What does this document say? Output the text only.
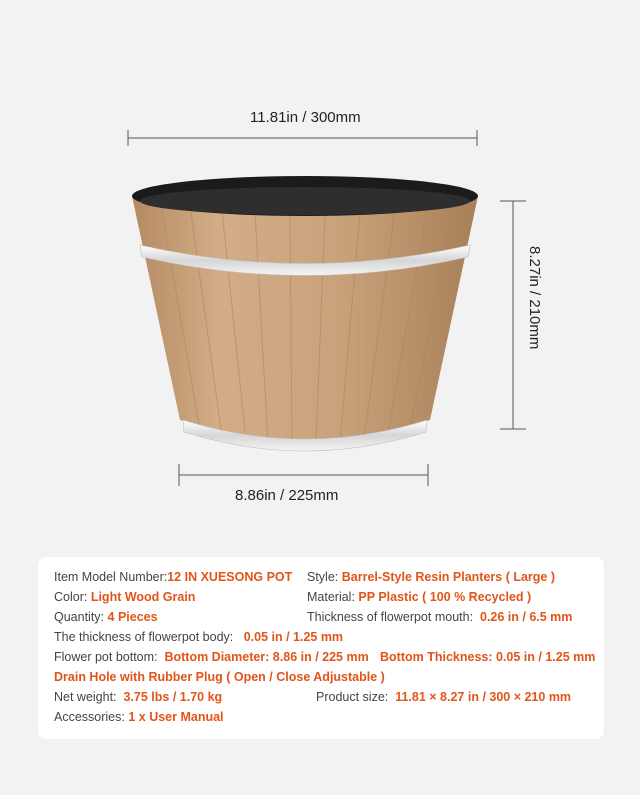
11.81in / 300mm
8.27in / 210mm
8.86in / 225mm
Item Model Number:12 IN XUESONG POT Style: Barrel-Style Resin Planters ( Large )
Color: Light Wood Grain	Material: PP Plastic ( 100 % Recycled )
Quantity: 4 Pieces	Thickness of flowerpot mouth: 0.26 in / 6.5 mm
The thickness of flowerpot body: 0.05 in / 1.25 mm
Flower pot bottom: Bottom Diameter: 8.86 in / 225 mm Bottom Thickness: 0.05 in / 1.25 mm
Drain Hole with Rubber Plug ( Open / Close Adjustable )
Net weight: 3.75 lbs / 1.70 kg	Product size: 11.81 × 8.27 in / 300 × 210 mm
Accessories: 1 x User Manual
